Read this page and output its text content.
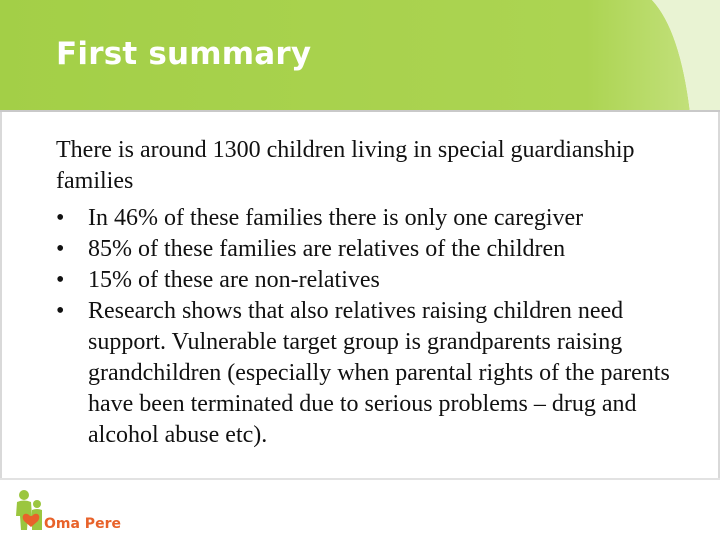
First summary

There is around 1300 children living in special guardianship families

• In 46% of these families there is only one caregiver
• 85% of these families are relatives of the children
• 15% of these are non-relatives
• Research shows that also relatives raising children need support. Vulnerable target group is grandparents raising grandchildren (especially when parental rights of the parents have been terminated due to serious problems – drug and alcohol abuse etc).
Oma Pere
